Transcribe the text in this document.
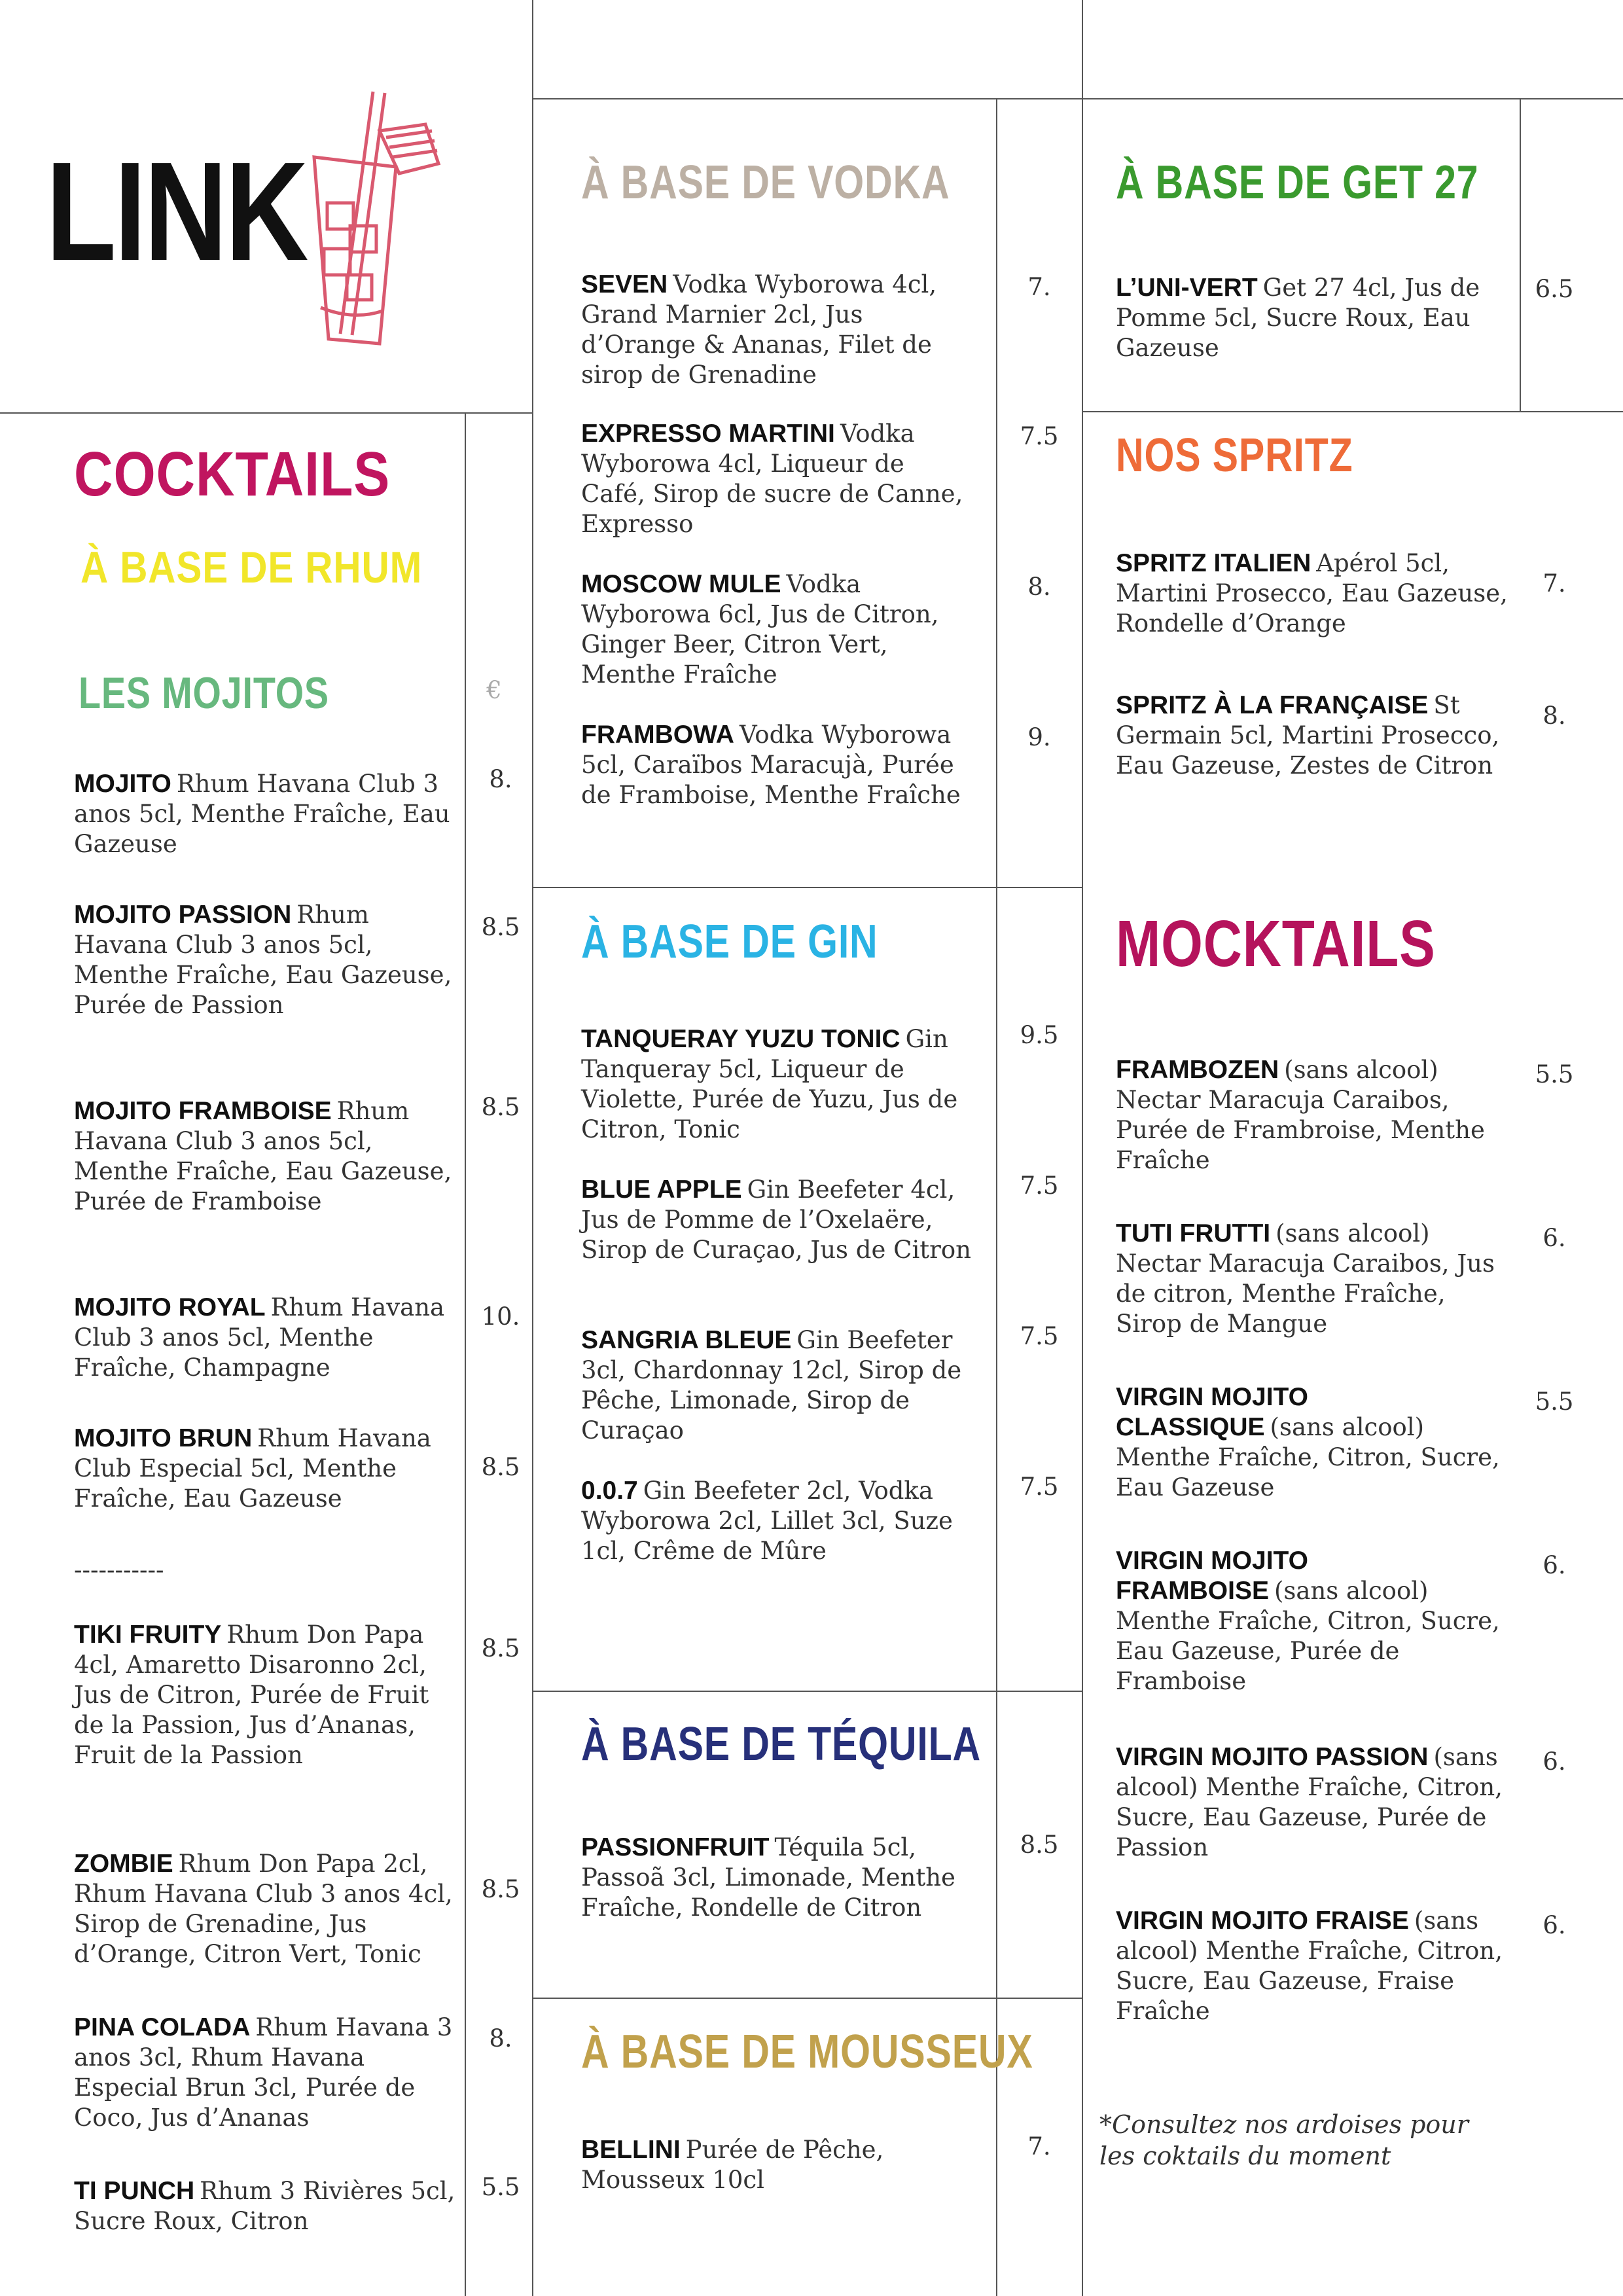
LINK
COCKTAILS
À BASE DE RHUM
LES MOJITOS	€
MOJITO Rhum Havana Club 3 anos 5cl, Menthe Fraîche, Eau Gazeuse
8.
MOJITO PASSION Rhum Havana Club 3 anos 5cl, Menthe Fraîche, Eau Gazeuse, Purée de Passion
8.5
MOJITO FRAMBOISE Rhum Havana Club 3 anos 5cl, Menthe Fraîche, Eau Gazeuse, Purée de Framboise
8.5
MOJITO ROYAL Rhum Havana Club 3 anos 5cl, Menthe Fraîche, Champagne
10.
MOJITO BRUN Rhum Havana Club Especial 5cl, Menthe Fraîche, Eau Gazeuse
8.5
-----------
TIKI FRUITY Rhum Don Papa 4cl, Amaretto Disaronno 2cl, Jus de Citron, Purée de Fruit de la Passion, Jus d’Ananas, Fruit de la Passion
8.5
ZOMBIE Rhum Don Papa 2cl, Rhum Havana Club 3 anos 4cl, Sirop de Grenadine, Jus d’Orange, Citron Vert, Tonic
8.5
PINA COLADA Rhum Havana 3 anos 3cl, Rhum Havana Especial Brun 3cl, Purée de Coco, Jus d’Ananas
8.
TI PUNCH Rhum 3 Rivières 5cl, Sucre Roux, Citron
5.5
À BASE DE VODKA
SEVEN Vodka Wyborowa 4cl, Grand Marnier 2cl, Jus d’Orange & Ananas, Filet de sirop de Grenadine
7.
EXPRESSO MARTINI Vodka Wyborowa 4cl, Liqueur de Café, Sirop de sucre de Canne, Expresso
7.5
MOSCOW MULE Vodka Wyborowa 6cl, Jus de Citron, Ginger Beer, Citron Vert, Menthe Fraîche
8.
FRAMBOWA Vodka Wyborowa 5cl, Caraïbos Maracujà, Purée de Framboise, Menthe Fraîche
9.
À BASE DE GIN
TANQUERAY YUZU TONIC Gin Tanqueray 5cl, Liqueur de Violette, Purée de Yuzu, Jus de Citron, Tonic
9.5
BLUE APPLE Gin Beefeter 4cl, Jus de Pomme de l’Oxelaëre, Sirop de Curaçao, Jus de Citron
7.5
SANGRIA BLEUE Gin Beefeter 3cl, Chardonnay 12cl, Sirop de Pêche, Limonade, Sirop de Curaçao
7.5
0.0.7 Gin Beefeter 2cl, Vodka Wyborowa 2cl, Lillet 3cl, Suze 1cl, Crême de Mûre
7.5
À BASE DE TÉQUILA
PASSIONFRUIT Téquila 5cl, Passoã 3cl, Limonade, Menthe Fraîche, Rondelle de Citron
8.5
À BASE DE MOUSSEUX
BELLINI Purée de Pêche, Mousseux 10cl
7.
À BASE DE GET 27
L’UNI-VERT Get 27 4cl, Jus de Pomme 5cl, Sucre Roux, Eau Gazeuse
6.5
NOS SPRITZ
SPRITZ ITALIEN Apérol 5cl, Martini Prosecco, Eau Gazeuse, Rondelle d’Orange
7.
SPRITZ À LA FRANÇAISE St Germain 5cl, Martini Prosecco, Eau Gazeuse, Zestes de Citron
8.
MOCKTAILS
FRAMBOZEN (sans alcool) Nectar Maracuja Caraibos, Purée de Frambroise, Menthe Fraîche
5.5
TUTI FRUTTI (sans alcool) Nectar Maracuja Caraibos, Jus de citron, Menthe Fraîche, Sirop de Mangue
6.
VIRGIN MOJITO CLASSIQUE (sans alcool) Menthe Fraîche, Citron, Sucre, Eau Gazeuse
5.5
VIRGIN MOJITO FRAMBOISE (sans alcool) Menthe Fraîche, Citron, Sucre, Eau Gazeuse, Purée de Framboise
6.
VIRGIN MOJITO PASSION (sans alcool) Menthe Fraîche, Citron, Sucre, Eau Gazeuse, Purée de Passion
6.
VIRGIN MOJITO FRAISE (sans alcool) Menthe Fraîche, Citron, Sucre, Eau Gazeuse, Fraise Fraîche
6.
*Consultez nos ardoises pour les coktails du moment
